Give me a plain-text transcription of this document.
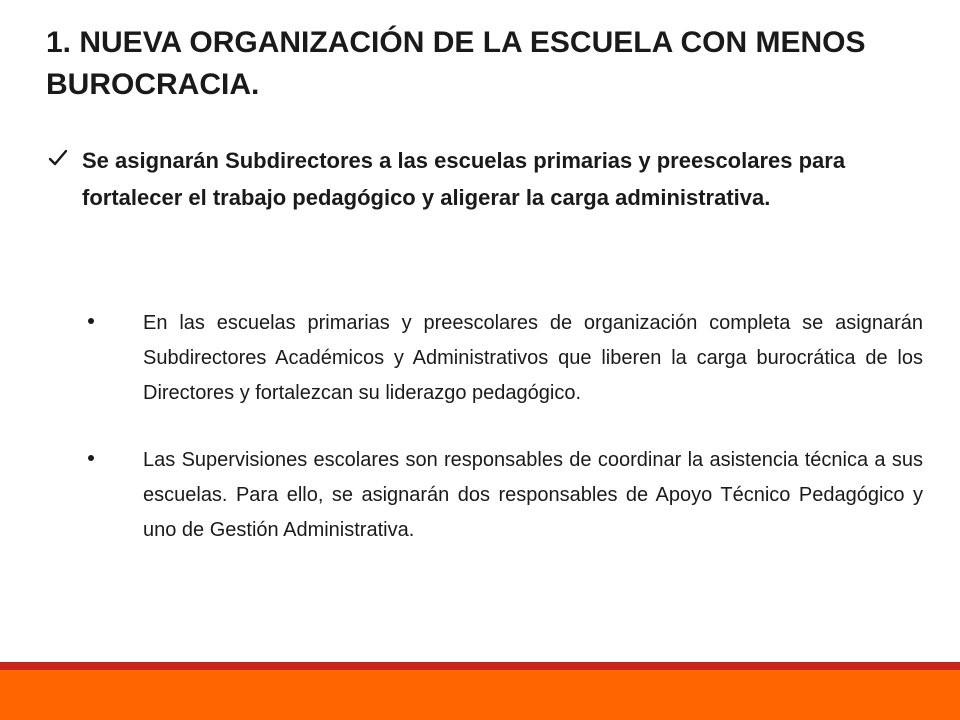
1. NUEVA ORGANIZACIÓN DE LA ESCUELA CON MENOS BUROCRACIA.
Se asignarán Subdirectores a las escuelas primarias y preescolares para fortalecer el trabajo pedagógico y aligerar la carga administrativa.
En las escuelas primarias y preescolares de organización completa se asignarán Subdirectores Académicos y Administrativos que liberen la carga burocrática de los Directores y fortalezcan su liderazgo pedagógico.
Las Supervisiones escolares son responsables de coordinar la asistencia técnica a sus escuelas. Para ello, se asignarán dos responsables de Apoyo Técnico Pedagógico y uno de Gestión Administrativa.
